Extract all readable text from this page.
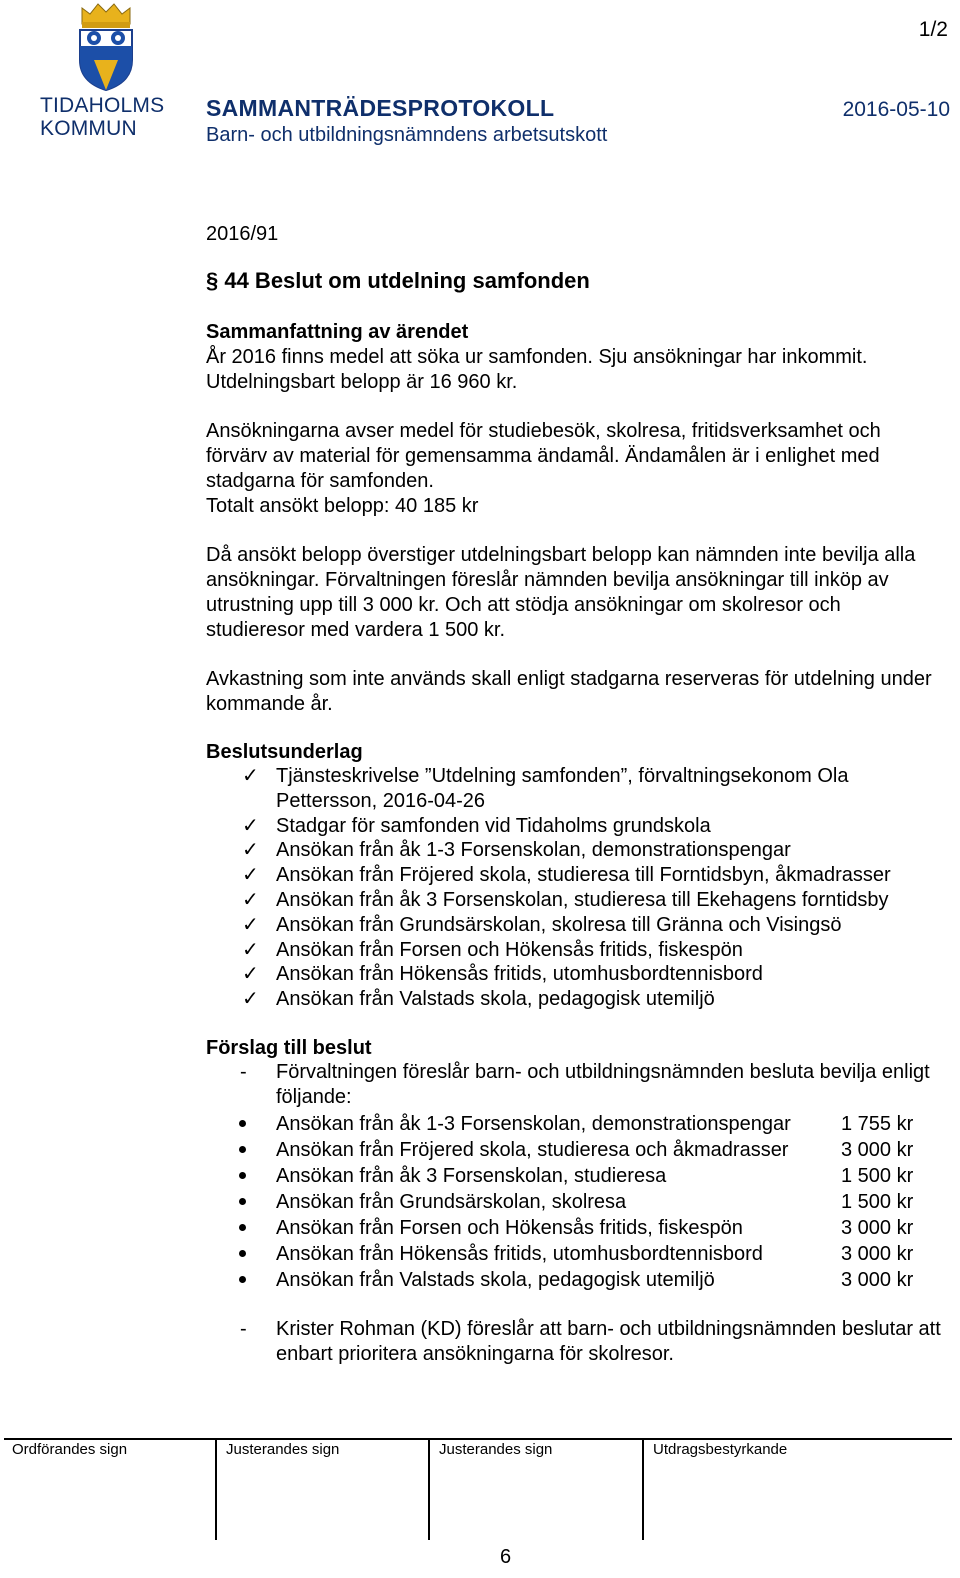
TIDAHOLMS
KOMMUN
1/2
SAMMANTRÄDESPROTOKOLL	2016-05-10
Barn- och utbildningsnämndens arbetsutskott
2016/91
§ 44 Beslut om utdelning samfonden

Sammanfattning av ärendet

År 2016 finns medel att söka ur samfonden. Sju ansökningar har inkommit. Utdelningsbart belopp är 16 960 kr.

Ansökningarna avser medel för studiebesök, skolresa, fritidsverksamhet och förvärv av material för gemensamma ändamål. Ändamålen är i enlighet med stadgarna för samfonden.

Totalt ansökt belopp: 40 185 kr

Då ansökt belopp överstiger utdelningsbart belopp kan nämnden inte bevilja alla ansökningar. Förvaltningen föreslår nämnden bevilja ansökningar till inköp av utrustning upp till 3 000 kr. Och att stödja ansökningar om skolresor och studieresor med vardera 1 500 kr.

Avkastning som inte används skall enligt stadgarna reserveras för utdelning under kommande år.

Beslutsunderlag
✓ Tjänsteskrivelse ”Utdelning samfonden”, förvaltningsekonom Ola Pettersson, 2016-04-26
✓ Stadgar för samfonden vid Tidaholms grundskola
✓ Ansökan från åk 1-3 Forsenskolan, demonstrationspengar
✓ Ansökan från Fröjered skola, studieresa till Forntidsbyn, åkmadrasser
✓ Ansökan från åk 3 Forsenskolan, studieresa till Ekehagens forntidsby
✓ Ansökan från Grundsärskolan, skolresa till Gränna och Visingsö
✓ Ansökan från Forsen och Hökensås fritids, fiskespön
✓ Ansökan från Hökensås fritids, utomhusbordtennisbord
✓ Ansökan från Valstads skola, pedagogisk utemiljö
Förslag till beslut
- Förvaltningen föreslår barn- och utbildningsnämnden besluta bevilja enligt följande:
Ansökan från åk 1-3 Forsenskolan, demonstrationspengar	1 755 kr
Ansökan från Fröjered skola, studieresa och åkmadrasser	3 000 kr
Ansökan från åk 3 Forsenskolan, studieresa	1 500 kr
Ansökan från Grundsärskolan, skolresa	1 500 kr
Ansökan från Forsen och Hökensås fritids, fiskespön	3 000 kr
Ansökan från Hökensås fritids, utomhusbordtennisbord	3 000 kr
Ansökan från Valstads skola, pedagogisk utemiljö	3 000 kr
- Krister Rohman (KD) föreslår att barn- och utbildningsnämnden beslutar att enbart prioritera ansökningarna för skolresor.
Ordförandes sign	Justerandes sign	Justerandes sign	Utdragsbestyrkande
6
